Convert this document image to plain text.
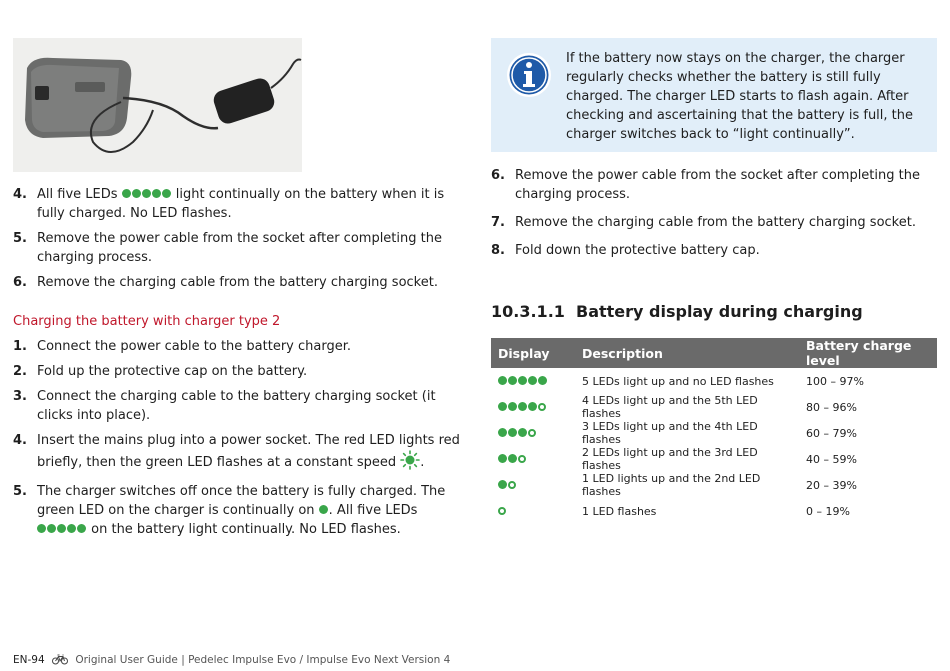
4. All five LEDs	light continually on the battery when it is fully charged. No LED flashes.
5. Remove the power cable from the socket after completing the charging process.
6. Remove the charging cable from the battery charging socket.
Charging the battery with charger type 2
1. Connect the power cable to the battery charger.
2. Fold up the protective cap on the battery.
3. Connect the charging cable to the battery charging socket (it clicks into place).
4. Insert the mains plug into a power socket. The red LED lights red briefly, then the green LED flashes at a constant speed .
5. The charger switches off once the battery is fully charged. The green LED on the charger is continually on . All five LEDs  on the battery light continually. No LED flashes.
If the battery now stays on the charger, the charger regularly checks whether the battery is still fully charged. The charger LED starts to flash again. After checking and ascertaining that the battery is full, the charger switches back to “light continually”.
6. Remove the power cable from the socket after completing the charging process.
7. Remove the charging cable from the battery charging socket.
8. Fold down the protective battery cap.
10.3.1.1 Battery display during charging
Display	Description	Battery charge level
	5 LEDs light up and no LED flashes	100 – 97%
	4 LEDs light up and the 5th LED flashes	80 – 96%
	3 LEDs light up and the 4th LED flashes	60 – 79%
	2 LEDs light up and the 3rd LED flashes	40 – 59%
	1 LED lights up and the 2nd LED flashes	20 – 39%
	1 LED flashes	0 – 19%
EN-94	Original User Guide | Pedelec Impulse Evo / Impulse Evo Next Version 4
